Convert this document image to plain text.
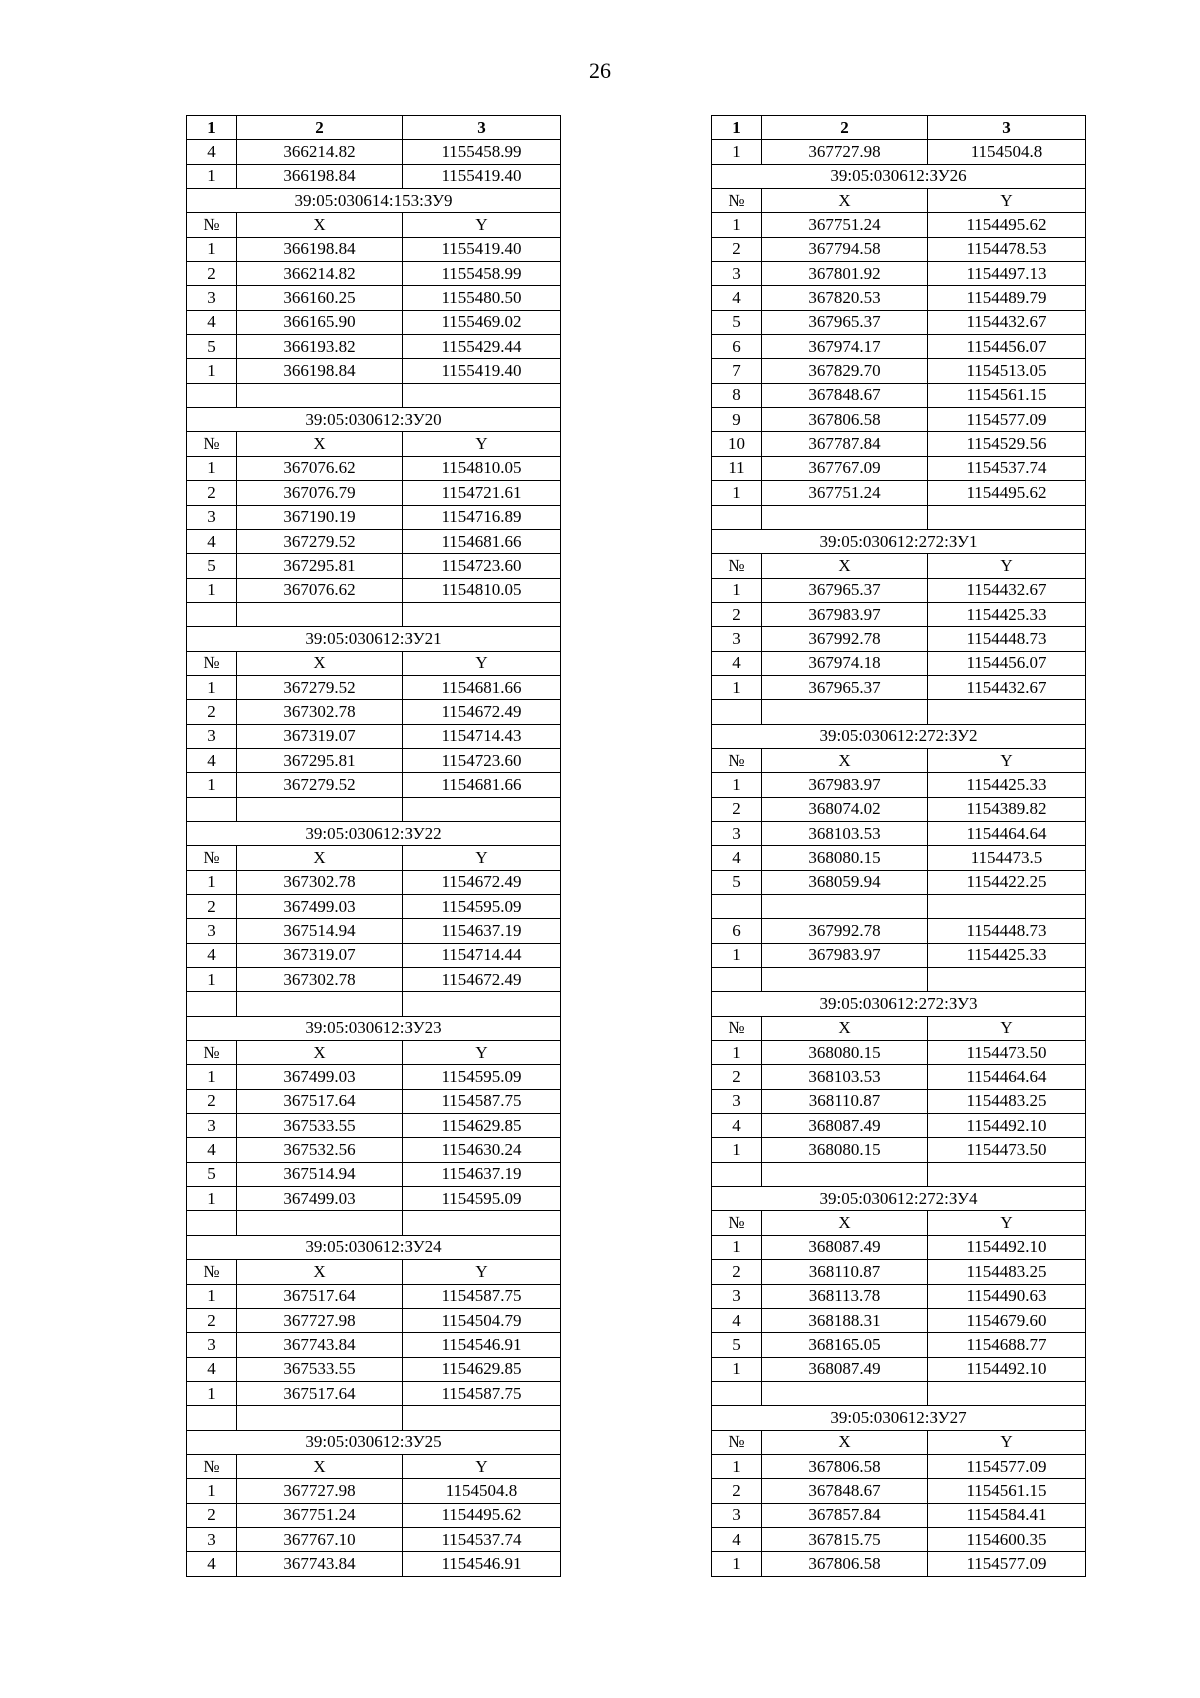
26
1	2	3
4	366214.82	1155458.99
1	366198.84	1155419.40
39:05:030614:153:ЗУ9		
№	X	Y
1	366198.84	1155419.40
2	366214.82	1155458.99
3	366160.25	1155480.50
4	366165.90	1155469.02
5	366193.82	1155429.44
1	366198.84	1155419.40

39:05:030612:ЗУ20		
№	X	Y
1	367076.62	1154810.05
2	367076.79	1154721.61
3	367190.19	1154716.89
4	367279.52	1154681.66
5	367295.81	1154723.60
1	367076.62	1154810.05

39:05:030612:ЗУ21		
№	X	Y
1	367279.52	1154681.66
2	367302.78	1154672.49
3	367319.07	1154714.43
4	367295.81	1154723.60
1	367279.52	1154681.66

39:05:030612:ЗУ22		
№	X	Y
1	367302.78	1154672.49
2	367499.03	1154595.09
3	367514.94	1154637.19
4	367319.07	1154714.44
1	367302.78	1154672.49

39:05:030612:ЗУ23		
№	X	Y
1	367499.03	1154595.09
2	367517.64	1154587.75
3	367533.55	1154629.85
4	367532.56	1154630.24
5	367514.94	1154637.19
1	367499.03	1154595.09

39:05:030612:ЗУ24		
№	X	Y
1	367517.64	1154587.75
2	367727.98	1154504.79
3	367743.84	1154546.91
4	367533.55	1154629.85
1	367517.64	1154587.75

39:05:030612:ЗУ25		
№	X	Y
1	367727.98	1154504.8
2	367751.24	1154495.62
3	367767.10	1154537.74
4	367743.84	1154546.91
1	2	3
1	367727.98	1154504.8
39:05:030612:ЗУ26		
№	X	Y
1	367751.24	1154495.62
2	367794.58	1154478.53
3	367801.92	1154497.13
4	367820.53	1154489.79
5	367965.37	1154432.67
6	367974.17	1154456.07
7	367829.70	1154513.05
8	367848.67	1154561.15
9	367806.58	1154577.09
10	367787.84	1154529.56
11	367767.09	1154537.74
1	367751.24	1154495.62

39:05:030612:272:ЗУ1		
№	X	Y
1	367965.37	1154432.67
2	367983.97	1154425.33
3	367992.78	1154448.73
4	367974.18	1154456.07
1	367965.37	1154432.67

39:05:030612:272:ЗУ2		
№	X	Y
1	367983.97	1154425.33
2	368074.02	1154389.82
3	368103.53	1154464.64
4	368080.15	1154473.5
5	368059.94	1154422.25

6	367992.78	1154448.73
1	367983.97	1154425.33

39:05:030612:272:ЗУ3		
№	X	Y
1	368080.15	1154473.50
2	368103.53	1154464.64
3	368110.87	1154483.25
4	368087.49	1154492.10
1	368080.15	1154473.50

39:05:030612:272:ЗУ4		
№	X	Y
1	368087.49	1154492.10
2	368110.87	1154483.25
3	368113.78	1154490.63
4	368188.31	1154679.60
5	368165.05	1154688.77
1	368087.49	1154492.10

39:05:030612:ЗУ27		
№	X	Y
1	367806.58	1154577.09
2	367848.67	1154561.15
3	367857.84	1154584.41
4	367815.75	1154600.35
1	367806.58	1154577.09
